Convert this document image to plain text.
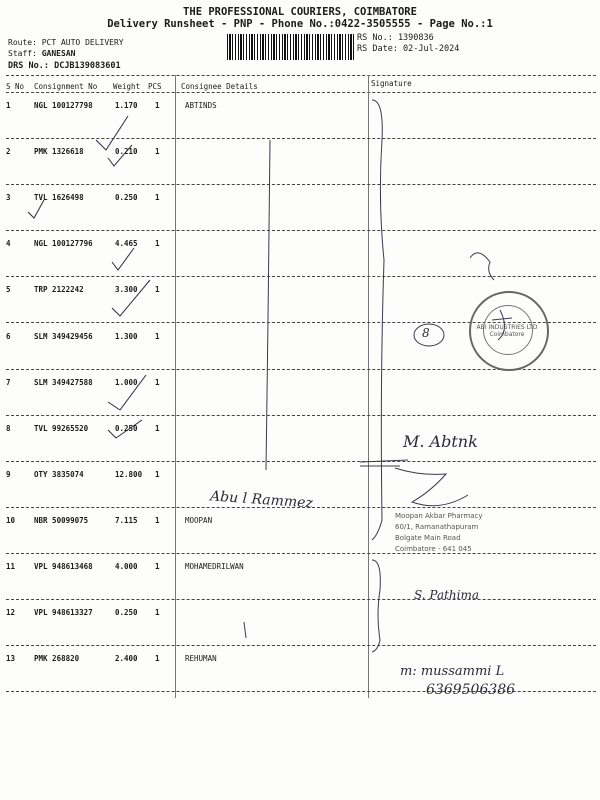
THE PROFESSIONAL COURIERS, COIMBATORE
Delivery Runsheet - PNP - Phone No.:0422-3505555 - Page No.:1
Route: PCT AUTO DELIVERY
Staff: GANESAN
DRS No.: DCJB139083601
RS No.: 1390836
RS Date: 02-Jul-2024
S No Consignment No Weight PCS	Consignee Details	Signature
1	NGL 100127798	1.170 1	ABTINDS
2	PMK 1326618	0.210 1
3	TVL 1626498	0.250 1
4	NGL 100127796	4.465 1
5	TRP 2122242	3.300 1
6	SLM 349429456	1.300 1
7	SLM 349427588	1.000 1
8	TVL 99265520	0.250 1
9	OTY 3835074	12.800 1
10	NBR 50099075	7.115 1	MOOPAN
11	VPL 948613468	4.000 1	MOHAMEDRILWAN
12	VPL 948613327	0.250 1
13	PMK 268820	2.400 1	REHUMAN
8	ABI INDUSTRIES LTD Coimbatore
M. Abtnk
Abu l Rammez
Moopan Akbar Pharmacy
60/1, Ramanathapuram
Bolgate Main Road
Coimbatore - 641 045
S. Pathima
m: mussammi L
6369506386
